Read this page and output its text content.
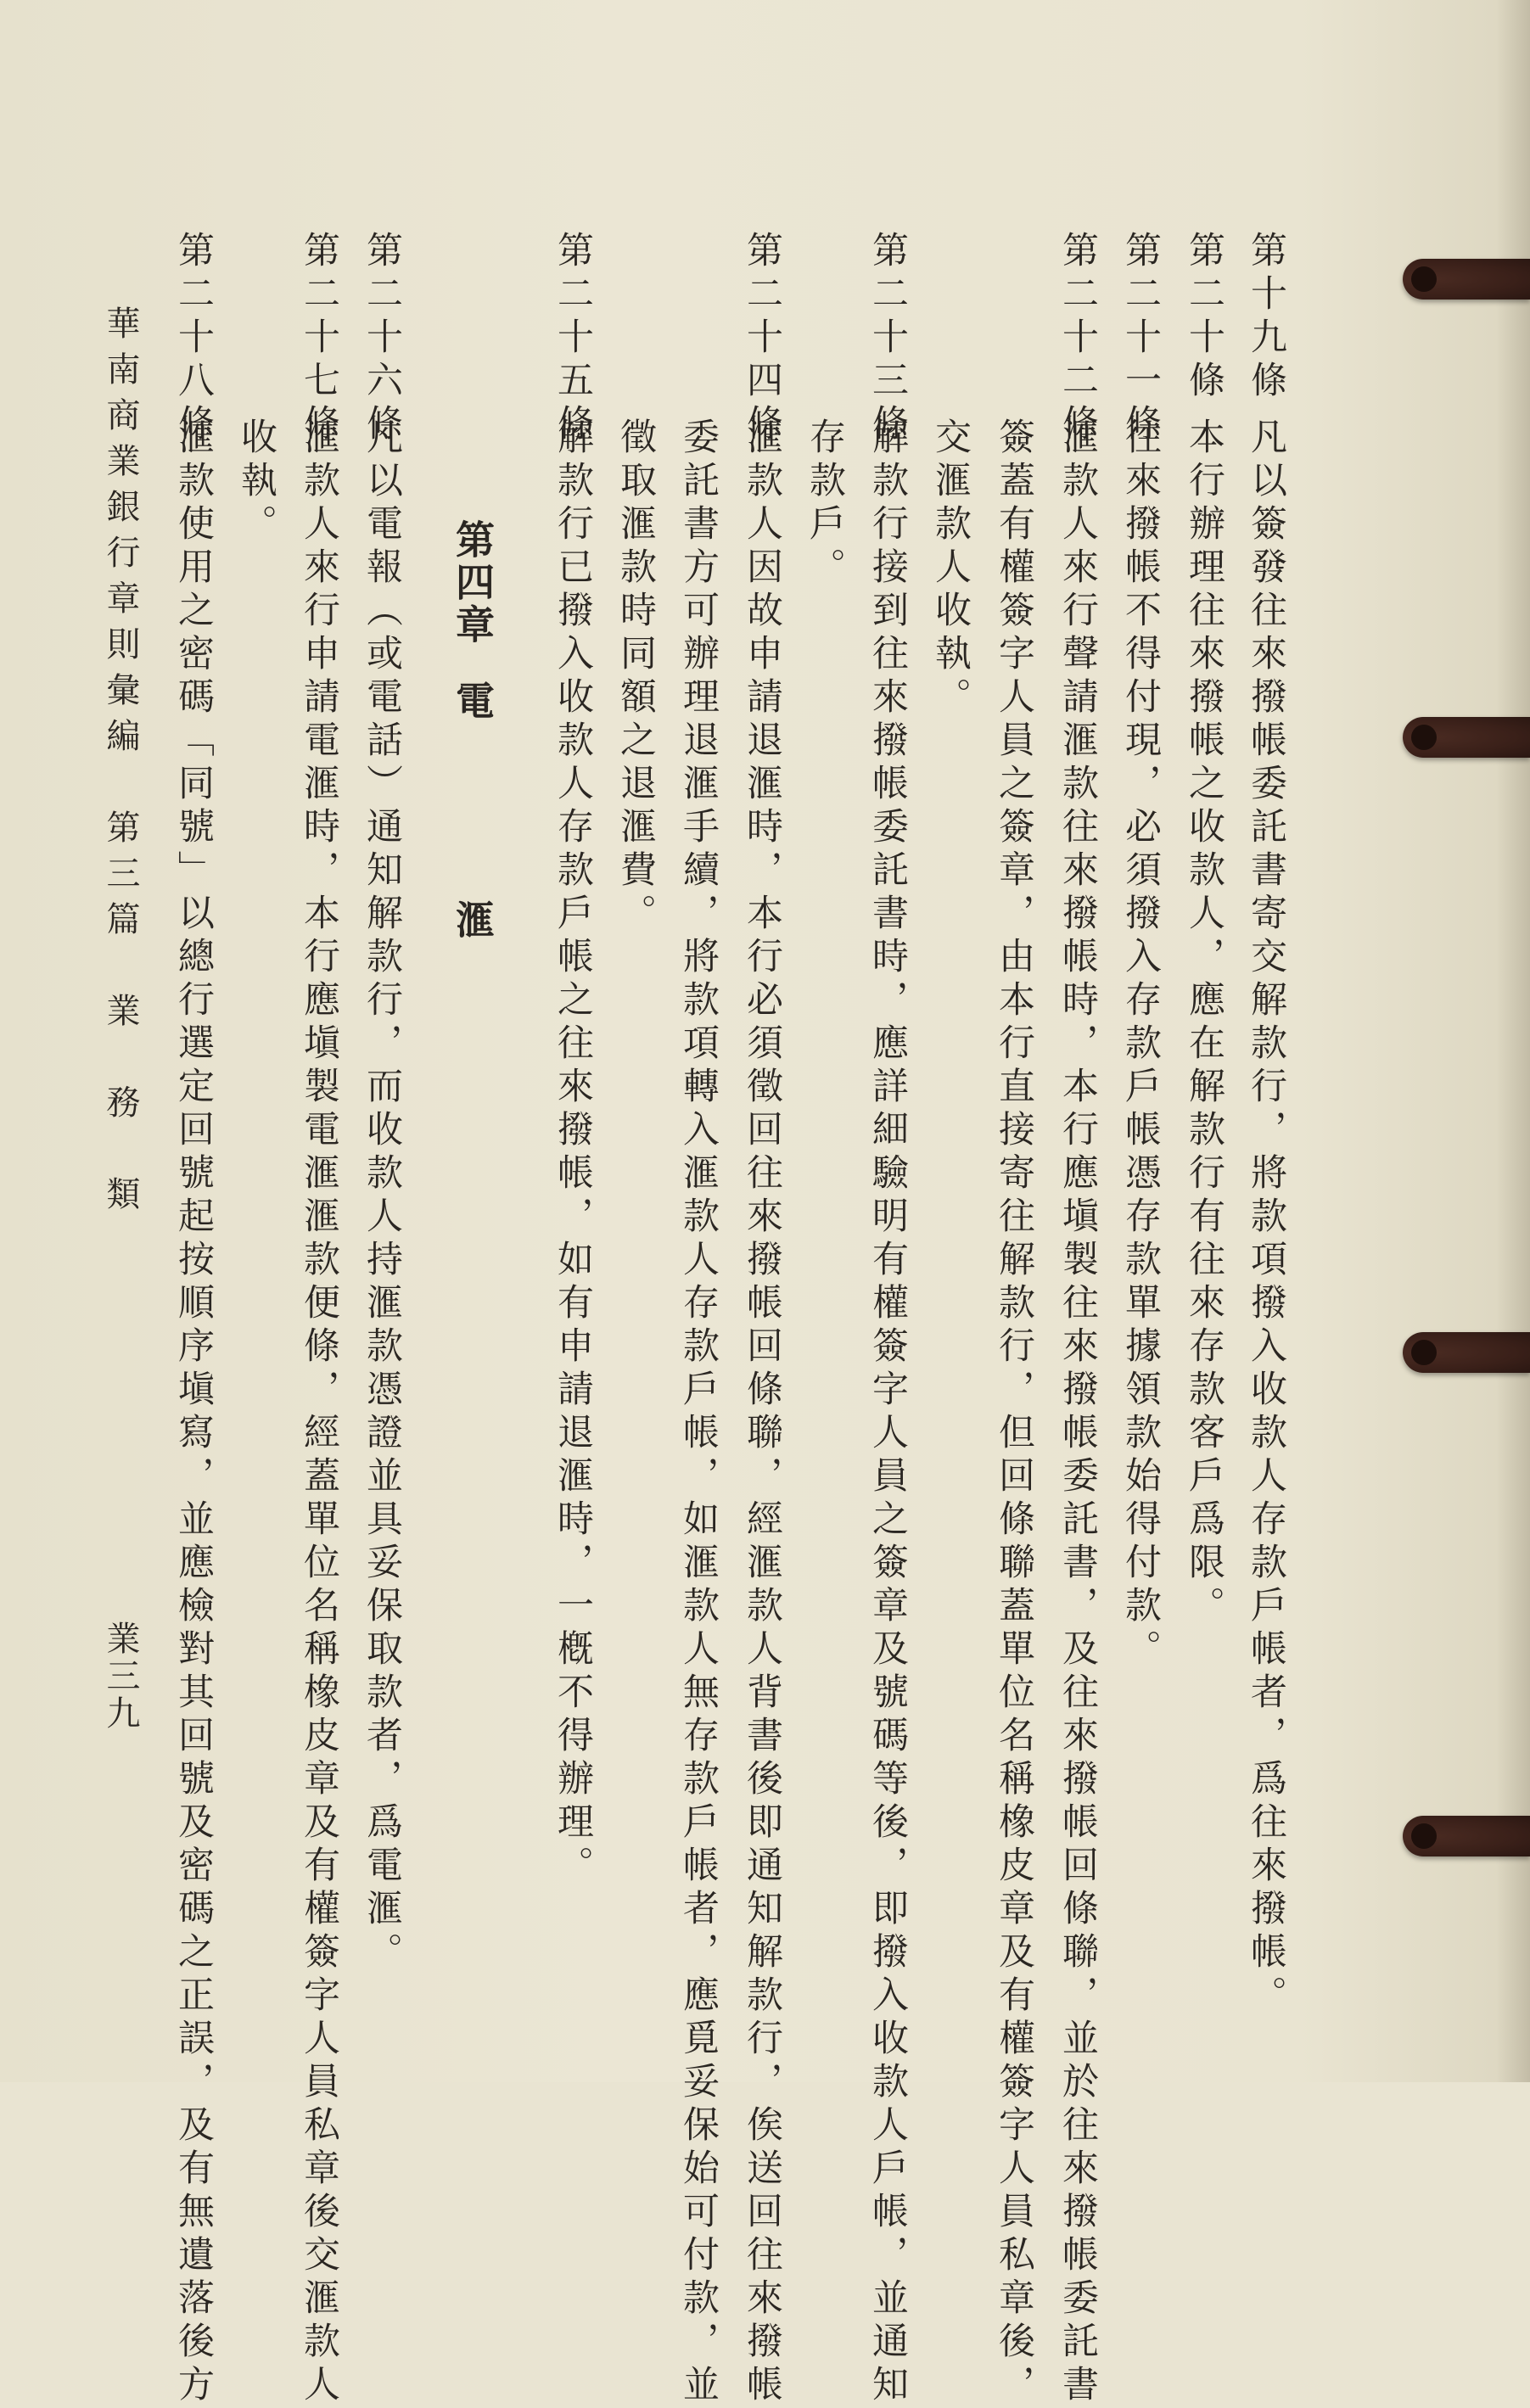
第十九條
凡以簽發往來撥帳委託書寄交解款行，將款項撥入收款人存款戶帳者，爲往來撥帳。
第二十條
本行辦理往來撥帳之收款人，應在解款行有往來存款客戶爲限。
第二十一條
往來撥帳不得付現，必須撥入存款戶帳憑存款單據領款始得付款。
第二十二條
滙款人來行聲請滙款往來撥帳時，本行應塡製往來撥帳委託書，及往來撥帳回條聯，並於往來撥帳委託書
簽蓋有權簽字人員之簽章，由本行直接寄往解款行，但回條聯蓋單位名稱橡皮章及有權簽字人員私章後，
交滙款人收執。
第二十三條
解款行接到往來撥帳委託書時，應詳細驗明有權簽字人員之簽章及號碼等後，即撥入收款人戶帳，並通知
存款戶。
第二十四條
滙款人因故申請退滙時，本行必須徵回往來撥帳回條聯，經滙款人背書後即通知解款行，俟送回往來撥帳
委託書方可辦理退滙手續，將款項轉入滙款人存款戶帳，如滙款人無存款戶帳者，應覓妥保始可付款，並
徵取滙款時同額之退滙費。
第二十五條
解款行已撥入收款人存款戶帳之往來撥帳，如有申請退滙時，一槪不得辦理。
第四章
電
滙
第二十六條
凡以電報（或電話）通知解款行，而收款人持滙款憑證並具妥保取款者，爲電滙。
第二十七條
滙款人來行申請電滙時，本行應塡製電滙滙款便條，經蓋單位名稱橡皮章及有權簽字人員私章後交滙款人
收執。
第二十八條
滙款使用之密碼「同號」以總行選定回號起按順序塡寫，並應檢對其回號及密碼之正誤，及有無遺落後方
華南商業銀行章則彙編　第三篇　業　務　類
業三九
